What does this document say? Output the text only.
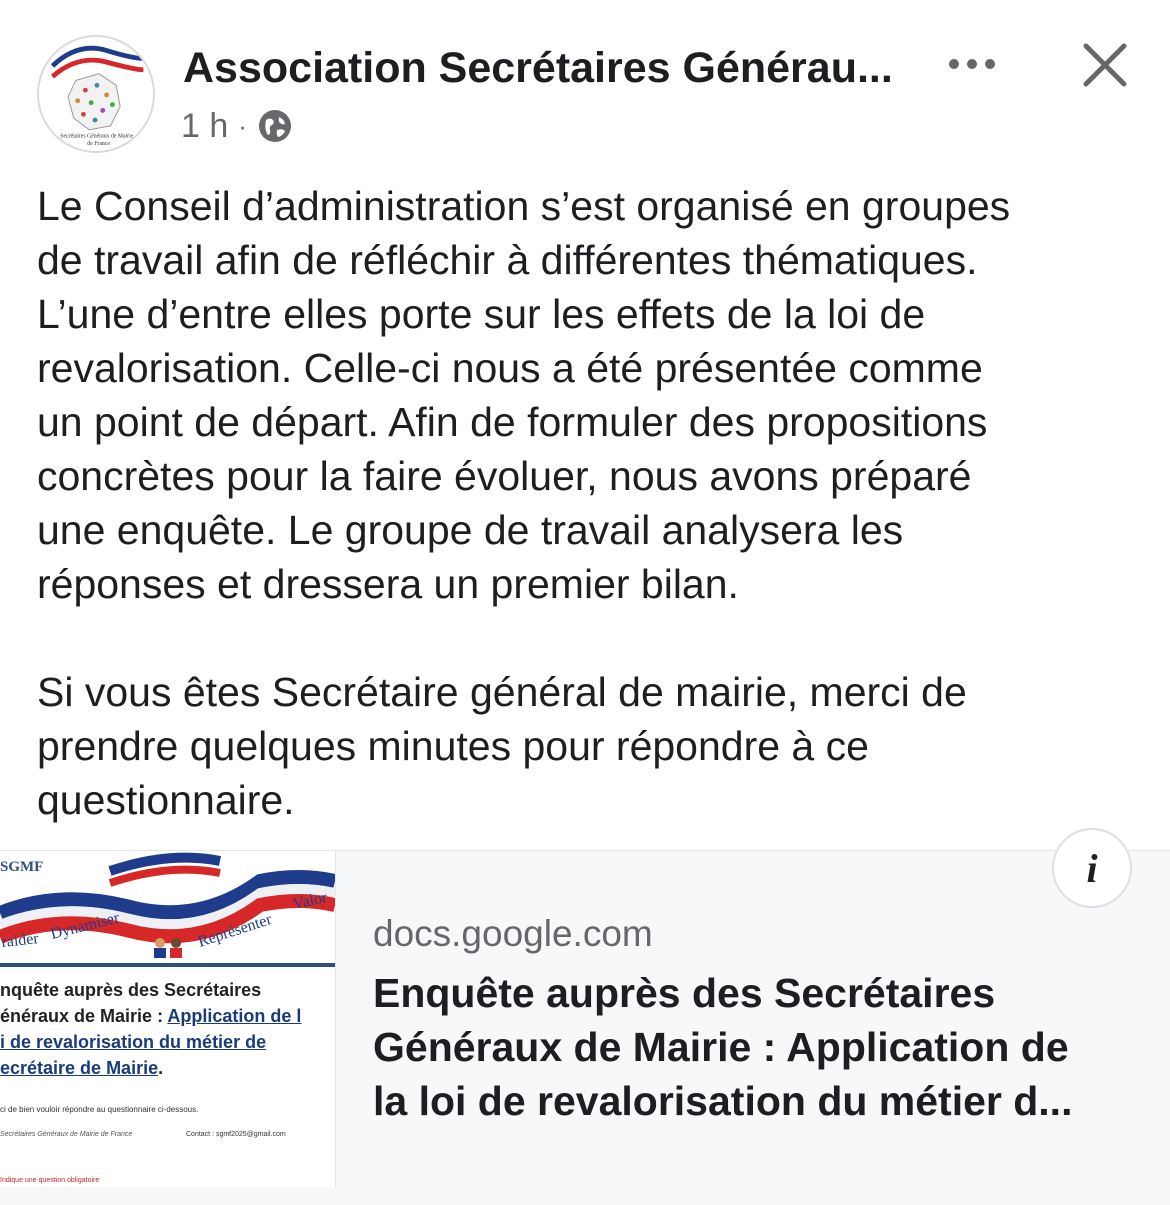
Secrétaires Généraux de Mairie
de France
Association Secrétaires Générau...
1 h ·
Le Conseil d’administration s’est organisé en groupes
de travail afin de réfléchir à différentes thématiques.
L’une d’entre elles porte sur les effets de la loi de
revalorisation. Celle-ci nous a été présentée comme
un point de départ. Afin de formuler des propositions
concrètes pour la faire évoluer, nous avons préparé
une enquête. Le groupe de travail analysera les
réponses et dressera un premier bilan.

Si vous êtes Secrétaire général de mairie, merci de
prendre quelques minutes pour répondre à ce
questionnaire.
raider Dynamiser	Représenter
Valor
SGMF
nquête auprès des Secrétaires
énéraux de Mairie : Application de l
i de revalorisation du métier de
ecrétaire de Mairie.
ci de bien vouloir répondre au questionnaire ci-dessous.
Secrétaires Généraux de Mairie de France	Contact : sgmf2025@gmail.com
Indique une question obligatoire
i
docs.google.com
Enquête auprès des Secrétaires
Généraux de Mairie : Application de
la loi de revalorisation du métier d...
